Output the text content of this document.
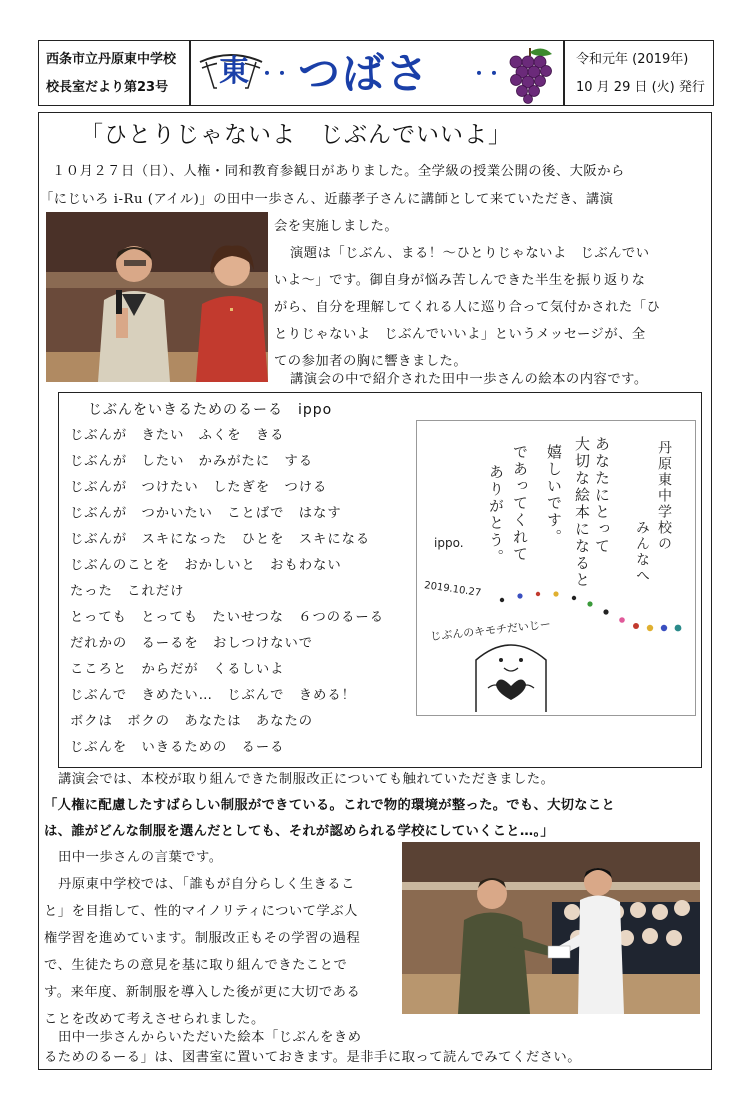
西条市立丹原東中学校
校長室だより第23号 東 ・・ つばさ ・・
令和元年 (2019年)
10 月 29 日 (火) 発行
「ひとりじゃないよ　じぶんでいいよ」
１０月２７日（日）、人権・同和教育参観日がありました。全学級の授業公開の後、大阪から
「にじいろ i-Ru (アイル)」の田中一歩さん、近藤孝子さんに講師として来ていただき、講演
会を実施しました。
演題は「じぶん、まる！～ひとりじゃないよ　じぶんでい
いよ～」です。御自身が悩み苦しんできた半生を振り返りな
がら、自分を理解してくれる人に巡り合って気付かされた「ひ
とりじゃないよ　じぶんでいいよ」というメッセージが、全
ての参加者の胸に響きました。
講演会の中で紹介された田中一歩さんの絵本の内容です。
じぶんをいきるためのるーる　ippo
じぶんが　きたい　ふくを　きる
じぶんが　したい　かみがたに　する
じぶんが　つけたい　したぎを　つける
じぶんが　つかいたい　ことばで　はなす
じぶんが　スキになった　ひとを　スキになる
じぶんのことを　おかしいと　おもわない
たった　これだけ
とっても　とっても　たいせつな　６つのるーる
だれかの　るーるを　おしつけないで
こころと　からだが　くるしいよ
じぶんで　きめたい…　じぶんで　きめる！
ボクは　ボクの　あなたは　あなたの
じぶんを　いきるための　るーる
丹原東中学校の
みんなへ
あなたにとって
大切な絵本になると
嬉しいです。
であってくれて
ありがとう。
ippo.
2019.10.27
じぶんのキモチだいじー
講演会では、本校が取り組んできた制服改正についても触れていただきました。
「人権に配慮したすばらしい制服ができている。これで物的環境が整った。でも、大切なこと
は、誰がどんな制服を選んだとしても、それが認められる学校にしていくこと…。」
田中一歩さんの言葉です。
丹原東中学校では、「誰もが自分らしく生きるこ
と」を目指して、性的マイノリティについて学ぶ人
権学習を進めています。制服改正もその学習の過程
で、生徒たちの意見を基に取り組んできたことで
す。来年度、新制服を導入した後が更に大切である
ことを改めて考えさせられました。
田中一歩さんからいただいた絵本「じぶんをきめ
るためのるーる」は、図書室に置いておきます。是非手に取って読んでみてください。
